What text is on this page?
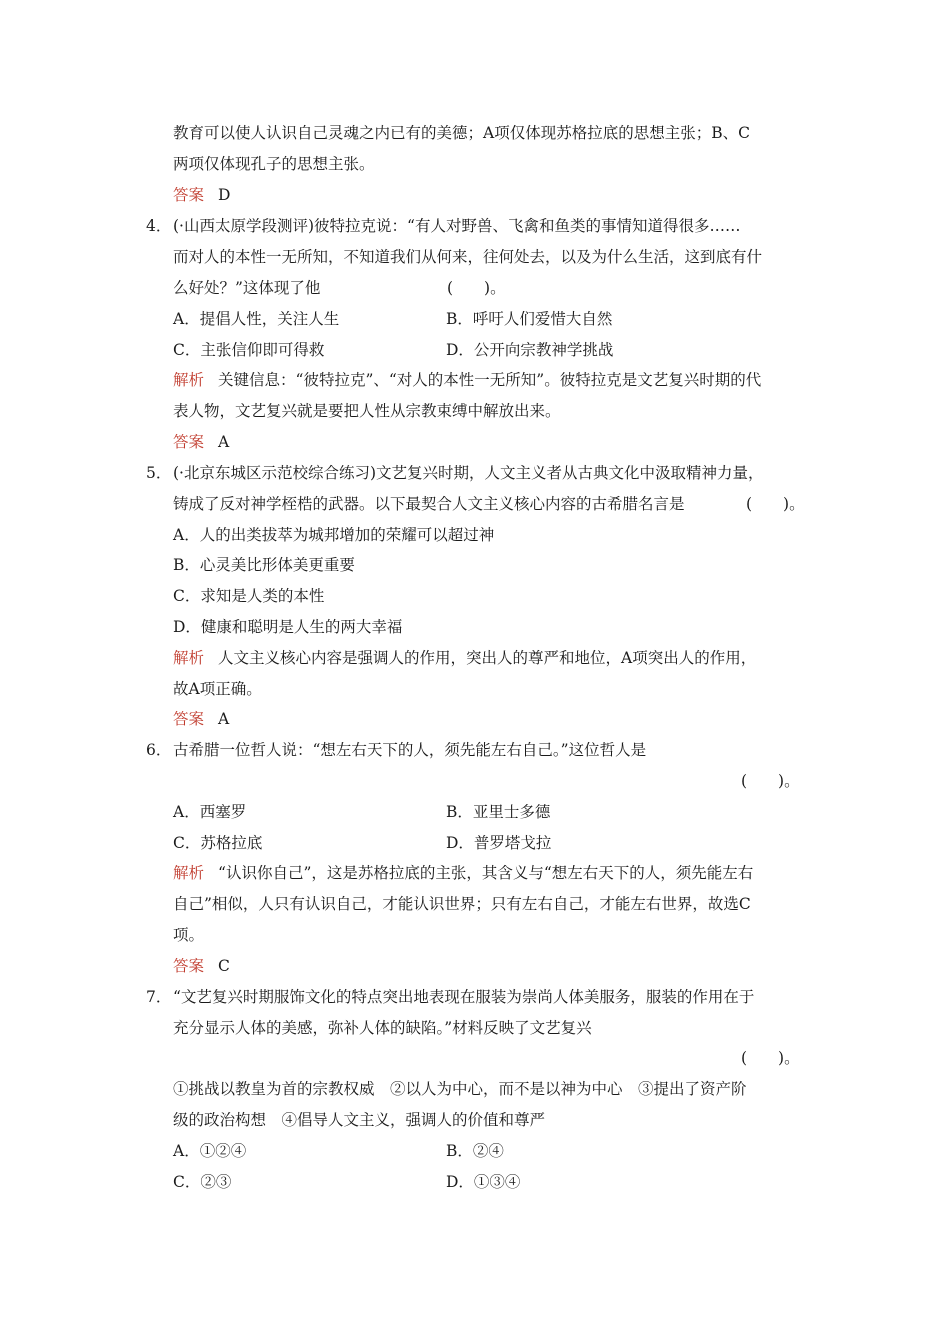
教育可以使人认识自己灵魂之内已有的美德；A项仅体现苏格拉底的思想主张；B、C
两项仅体现孔子的思想主张。
答案 D
4． (·山西太原学段测评)彼特拉克说：“有人对野兽、飞禽和鱼类的事情知道得很多……
而对人的本性一无所知，不知道我们从何来，往何处去，以及为什么生活，这到底有什
么好处？”这体现了他	(　　)。
A．提倡人性，关注人生	B．呼吁人们爱惜大自然
C．主张信仰即可得救	D．公开向宗教神学挑战
解析 关键信息：“彼特拉克”、“对人的本性一无所知”。彼特拉克是文艺复兴时期的代
表人物，文艺复兴就是要把人性从宗教束缚中解放出来。
答案 A
5． (·北京东城区示范校综合练习)文艺复兴时期，人文主义者从古典文化中汲取精神力量，
铸成了反对神学桎梏的武器。以下最契合人文主义核心内容的古希腊名言是	(　　)。
A．人的出类拔萃为城邦增加的荣耀可以超过神
B．心灵美比形体美更重要
C．求知是人类的本性
D．健康和聪明是人生的两大幸福
解析 人文主义核心内容是强调人的作用，突出人的尊严和地位，A项突出人的作用，
故A项正确。
答案 A
6． 古希腊一位哲人说：“想左右天下的人，须先能左右自己。”这位哲人是
(　　)。
A．西塞罗	B．亚里士多德
C．苏格拉底	D．普罗塔戈拉
解析 “认识你自己”，这是苏格拉底的主张，其含义与“想左右天下的人，须先能左右
自己”相似，人只有认识自己，才能认识世界；只有左右自己，才能左右世界，故选C
项。
答案 C
7． “文艺复兴时期服饰文化的特点突出地表现在服装为崇尚人体美服务，服装的作用在于
充分显示人体的美感，弥补人体的缺陷。”材料反映了文艺复兴
(　　)。
①挑战以教皇为首的宗教权威　②以人为中心，而不是以神为中心　③提出了资产阶
级的政治构想　④倡导人文主义，强调人的价值和尊严
A．①②④	B．②④
C．②③	D．①③④
